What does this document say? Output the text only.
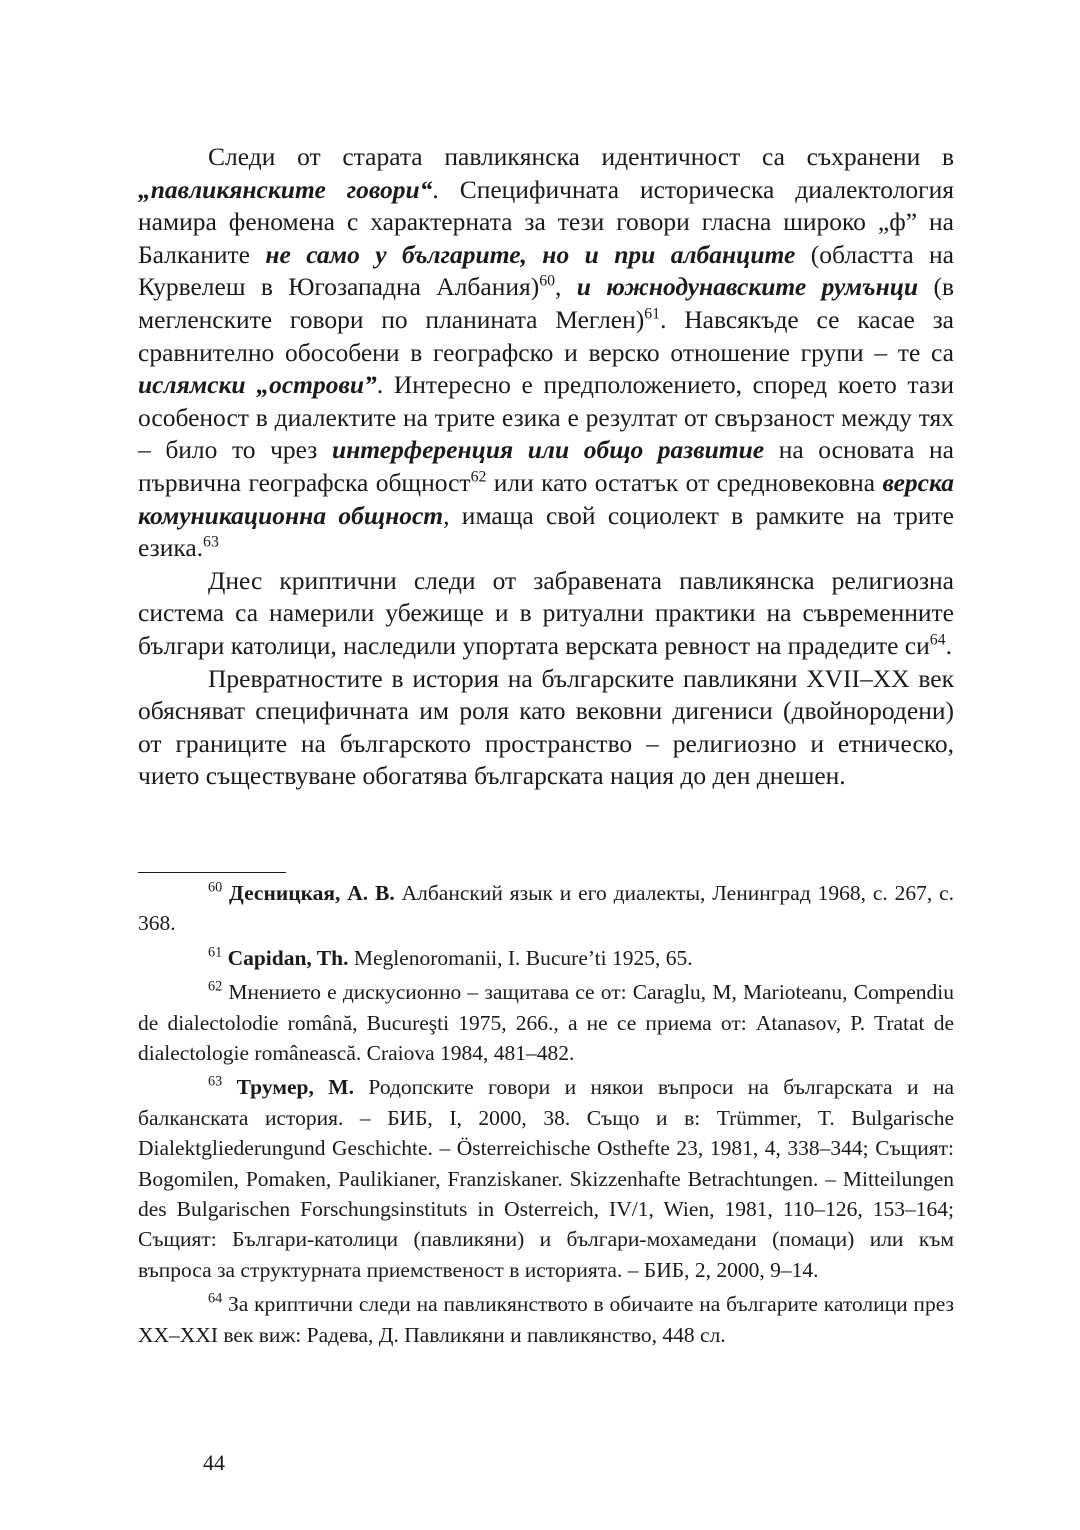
Следи от старата павликянска идентичност са съхранени в „павликянските говори“. Специфичната историческа диалектология намира феномена с характерната за тези говори гласна широко „ф” на Балканите не само у българите, но и при албанците (областта на Курвелеш в Югозападна Албания)$^{60}$, и южнодунавските румънци (в мегленските говори по планината Меглен)$^{61}$. Навсякъде се касае за сравнително обособени в географско и верско отношение групи – те са ислямски „острови”. Интересно е предположението, според което тази особеност в диалектите на трите езика е резултат от свързаност между тях – било то чрез интерференция или общо развитие на основата на първична географска общност$^{62}$ или като остатък от средновековна верска комуникационна общност, имаща свой социолект в рамките на трите езика.$^{63}$

Днес криптични следи от забравената павликянска религиозна система са намерили убежище и в ритуални практики на съвременните българи католици, наследили упортата верската ревност на прадедите $си^{64}$.

Превратностите в история на българските павликяни XVII–XX век обясняват специфичната им роля като вековни дигениси (двойнородени) от границите на българското пространство – религиозно и етническо, чието съществуване обогатява българската нация до ден днешен.

$^{60}$ Десницкая, А. В. Албанский язык и его диалекты, Ленинград 1968, с. 267, с. 368.

$^{61}$ Capidan, Th. Meglenoromanii, I. Bucure’ti 1925, 65.

$^{62}$ Мнението е дискусионно – защитава се от: Caraglu, M, Marioteanu, Compendiu de dialectolodie română, Bucureşti 1975, 266., а не се приема от: Atanasov, P. Tratat de dialectologie românească. Craiova 1984, 481–482.

$^{63}$ Трумер, М. Родопските говори и някои въпроси на българската и на балканската история. – БИБ, I, 2000, 38. Също и в: Trümmer, T. Bulgarische Dialektgliederungund Geschichte. – Österreichische Osthefte 23, 1981, 4, 338–344; Същият: Bogomilen, Pomaken, Paulikianer, Franziskaner. Skizzenhafte Betrachtungen. – Mitteilungen des Bulgarischen Forschungsinstituts in Osterreich, IV/1, Wien, 1981, 110–126, 153–164; Същият: Българи-католици (павликяни) и българи-мохамедани (помаци) или към въпроса за структурната приемственост в историята. – БИБ, 2, 2000, 9–14.

$^{64}$ За криптични следи на павликянството в обичаите на българите католици през XX–XXI век виж: Радева, Д. Павликяни и павликянство, 448 сл.

44
